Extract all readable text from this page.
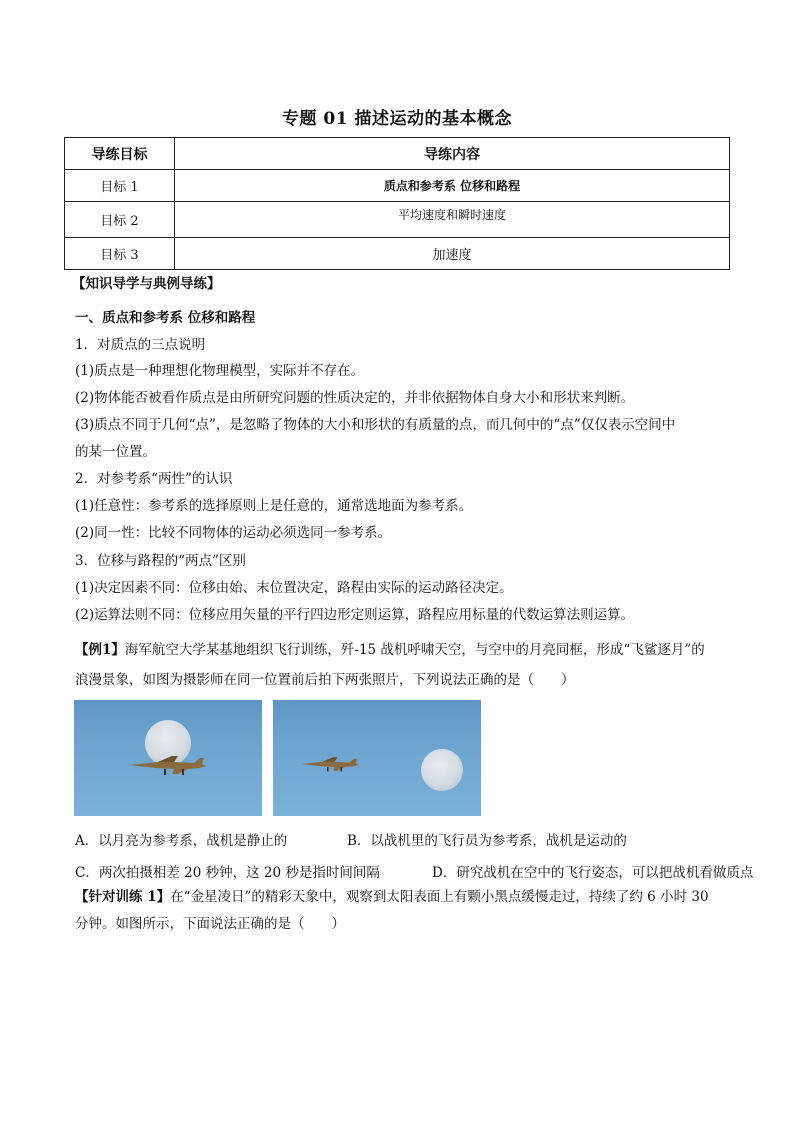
专题 01 描述运动的基本概念
导练目标	导练内容
目标 1	质点和参考系 位移和路程
目标 2	平均速度和瞬时速度
目标 3	加速度
【知识导学与典例导练】
一、质点和参考系 位移和路程
1．对质点的三点说明
(1)质点是一种理想化物理模型，实际并不存在。
(2)物体能否被看作质点是由所研究问题的性质决定的，并非依据物体自身大小和形状来判断。
(3)质点不同于几何“点”，是忽略了物体的大小和形状的有质量的点，而几何中的“点”仅仅表示空间中
的某一位置。
2．对参考系“两性”的认识
(1)任意性：参考系的选择原则上是任意的，通常选地面为参考系。
(2)同一性：比较不同物体的运动必须选同一参考系。
3．位移与路程的“两点”区别
(1)决定因素不同：位移由始、末位置决定，路程由实际的运动路径决定。
(2)运算法则不同：位移应用矢量的平行四边形定则运算，路程应用标量的代数运算法则运算。
【例1】海军航空大学某基地组织飞行训练，歼-15 战机呼啸天空，与空中的月亮同框，形成“飞鲨逐月”的
浪漫景象，如图为摄影师在同一位置前后拍下两张照片，下列说法正确的是（　　）
A．以月亮为参考系，战机是静止的	B．以战机里的飞行员为参考系，战机是运动的
C．两次拍摄相差 20 秒钟，这 20 秒是指时间间隔	D．研究战机在空中的飞行姿态，可以把战机看做质点
【针对训练 1】在“金星凌日”的精彩天象中，观察到太阳表面上有颗小黑点缓慢走过，持续了约 6 小时 30
分钟。如图所示，下面说法正确的是（　　）
